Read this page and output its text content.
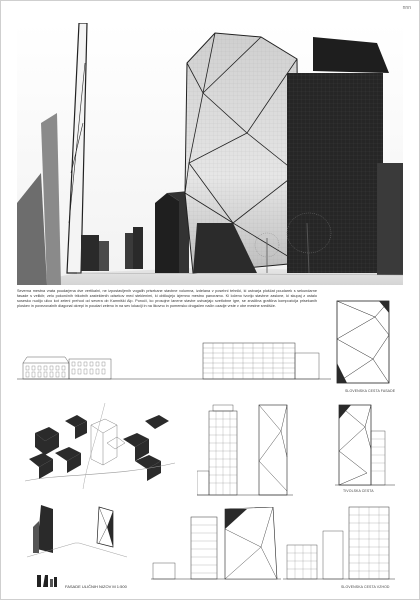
nnn
Severna mestna vrata poudarjena dve vertikalni, ne izpostavljenih vogalih prisekane stavbne volumna, izdelana v posebni tehniki, ki ustvarja ploščat poudarek s sekundarne fasade s velikih; zelo pokončnih trikotnih zasteklenih odsekov med steklenimi, ki oblikujejo izjemno mestno panoramo. Ki ločeno tvorijo stavbne zaslone, ki skupaj z ostalo sosesko nudijo ulico kot zeleni prehod od severa ob Kamniški Alp. Ponoči, ko prosojne lanene stavbe ustvarjajo svetlobne igre, se značilna grafična kompozicija prisekanih ploskev in povezovalnih diagonal okrepi in poudari zeleno in na sev lokaciji in na likovno in pomensko drugačen način ozadje vrste v obe mestne središče.
SLOVENSKA CESTA FASADE
TIVOLSKA CESTA
SLOVENSKA CESTA VZHOD
FASADE ULIČNIH NIZOV M 1:500
